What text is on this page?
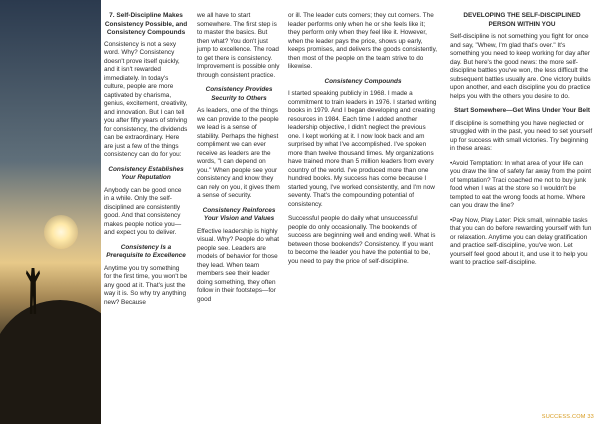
7. Self-Discipline Makes Consistency Possible, and Consistency Compounds

Consistency is not a sexy word. Why? Consistency doesn't prove itself quickly, and it isn't rewarded immediately. In today's culture, people are more captivated by charisma, genius, excitement, creativity, and innovation. But I can tell you after fifty years of striving for consistency, the dividends can be extraordinary. Here are just a few of the things consistency can do for you:

Consistency Establishes Your Reputation

Anybody can be good once in a while. Only the self-disciplined are consistently good. And that consistency makes people notice you—and expect you to deliver.

Consistency Is a Prerequisite to Excellence

Anytime you try something for the first time, you won't be any good at it. That's just the way it is. So why try anything new? Because

we all have to start somewhere. The first step is to master the basics. But then what? You don't just jump to excellence. The road to get there is consistency. Improvement is possible only through consistent practice.

Consistency Provides Security to Others

As leaders, one of the things we can provide to the people we lead is a sense of stability. Perhaps the highest compliment we can ever receive as leaders are the words, "I can depend on you." When people see your consistency and know they can rely on you, it gives them a sense of security.

Consistency Reinforces Your Vision and Values

Effective leadership is highly visual. Why? People do what people see. Leaders are models of behavior for those they lead. When team members see their leader doing something, they often follow in their footsteps—for good

or ill. The leader cuts corners; they cut corners. The leader performs only when he or she feels like it; they perform only when they feel like it. However, when the leader pays the price, shows up early, keeps promises, and delivers the goods consistently, then most of the people on the team strive to do likewise.

Consistency Compounds

I started speaking publicly in 1968. I made a commitment to train leaders in 1976. I started writing books in 1979. And I began developing and creating resources in 1984. Each time I added another leadership objective, I didn't neglect the previous one. I kept working at it. I now look back and am surprised by what I've accomplished. I've spoken more than twelve thousand times. My organizations have trained more than 5 million leaders from every country of the world. I've produced more than one hundred books. My success has come because I started young, I've worked consistently, and I'm now seventy. That's the compounding potential of consistency.

Successful people do daily what unsuccessful people do only occasionally. The bookends of success are beginning well and ending well. What is between those bookends? Consistency. If you want to become the leader you have the potential to be, you need to pay the price of self-discipline.

DEVELOPING THE SELF-DISCIPLINED PERSON WITHIN YOU

Self-discipline is not something you fight for once and say, "Whew, I'm glad that's over." It's something you need to keep working for day after day. But here's the good news: the more self-discipline battles you've won, the less difficult the subsequent battles usually are. One victory builds upon another, and each discipline you do practice helps you with the others you desire to do.

Start Somewhere—Get Wins Under Your Belt

If discipline is something you have neglected or struggled with in the past, you need to set yourself up for success with small victories. Try beginning in these areas:

•Avoid Temptation: In what area of your life can you draw the line of safety far away from the point of temptation? Traci coached me not to buy junk food when I was at the store so I wouldn't be tempted to eat the wrong foods at home. Where can you draw the line?

•Pay Now, Play Later: Pick small, winnable tasks that you can do before rewarding yourself with fun or relaxation. Anytime you can delay gratification and practice self-discipline, you've won. Let yourself feel good about it, and use it to help you want to practice self-discipline.

SUCCESS.COM 33
